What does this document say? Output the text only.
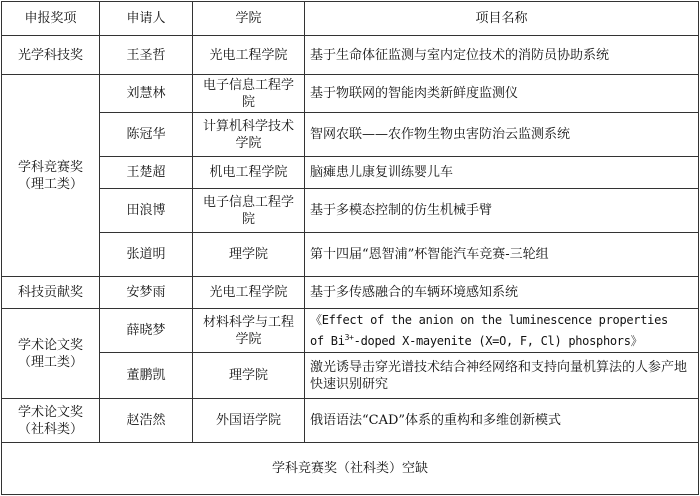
申报奖项	申请人	学院	项目名称
光学科技奖	王圣哲	光电工程学院	基于生命体征监测与室内定位技术的消防员协助系统
学科竞赛奖（理工类）	刘慧林	电子信息工程学院	基于物联网的智能肉类新鲜度监测仪
	陈冠华	计算机科学技术学院	智网农联——农作物生物虫害防治云监测系统
	王楚超	机电工程学院	脑瘫患儿康复训练婴儿车
	田浪博	电子信息工程学院	基于多模态控制的仿生机械手臂
	张道明	理学院	第十四届“恩智浦”杯智能汽车竞赛-三轮组
科技贡献奖	安梦雨	光电工程学院	基于多传感融合的车辆环境感知系统
学术论文奖（理工类）	薛晓梦	材料科学与工程学院	《Effect of the anion on the luminescence properties
of $Bi^{3+}$-doped X-mayenite (X=O, F, Cl) phosphors》

	董鹏凯	理学院	激光诱导击穿光谱技术结合神经网络和支持向量机算法的人参产地快速识别研究
学术论文奖（社科类）	赵浩然	外国语学院	俄语语法“CAD”体系的重构和多维创新模式
学科竞赛奖（社科类）空缺			
